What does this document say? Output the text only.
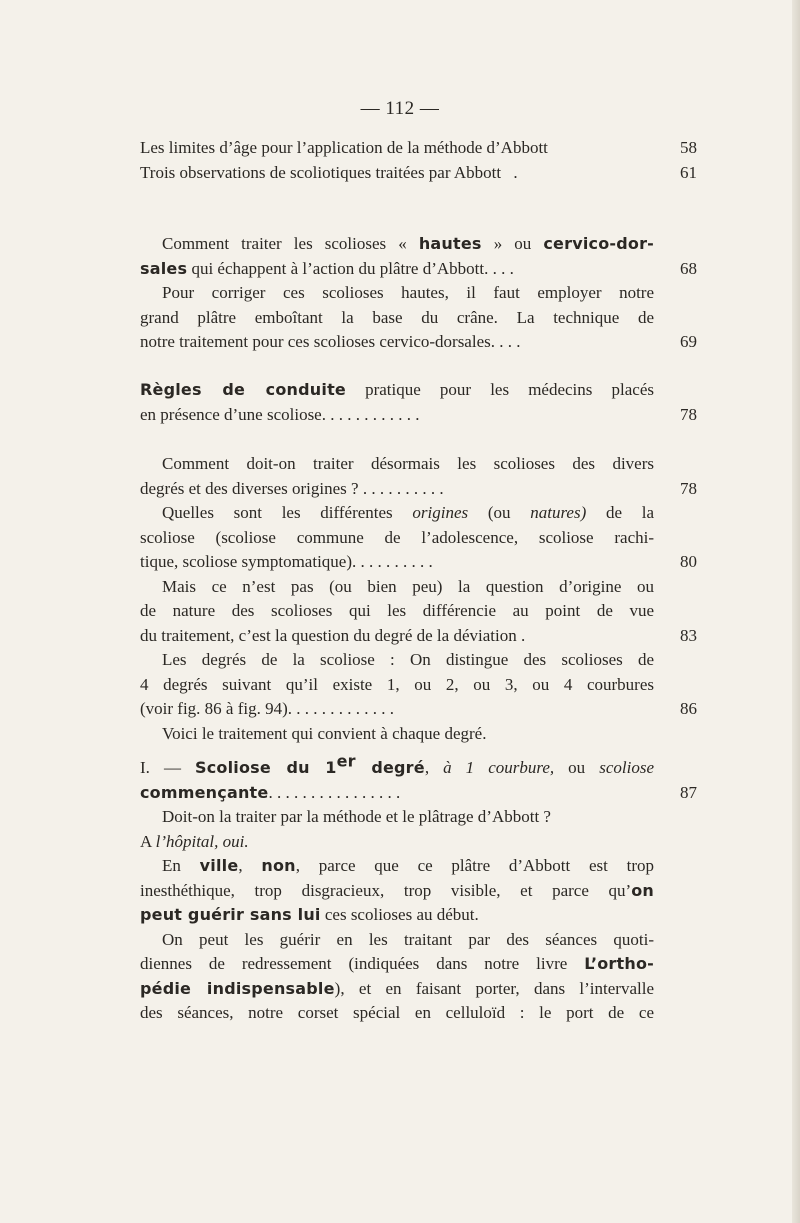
— 112 —
Les limites d’âge pour l’application de la méthode d’Abbott	58
Trois observations de scoliotiques traitées par Abbott .	61
Comment traiter les scolioses « hautes » ou cervico-dor-
sales qui échappent à l’action du plâtre d’Abbott. . . .	68
Pour corriger ces scolioses hautes, il faut employer notre
grand plâtre emboîtant la base du crâne. La technique de
notre traitement pour ces scolioses cervico-dorsales. . . .	69
Règles de conduite pratique pour les médecins placés
en présence d’une scoliose. . . . . . . . . . . .	78
Comment doit-on traiter désormais les scolioses des divers
degrés et des diverses origines ? . . . . . . . . . .	78
Quelles sont les différentes origines (ou natures) de la
scoliose (scoliose commune de l’adolescence, scoliose rachi-
tique, scoliose symptomatique). . . . . . . . . .	80
Mais ce n’est pas (ou bien peu) la question d’origine ou
de nature des scolioses qui les différencie au point de vue
du traitement, c’est la question du degré de la déviation .	83
Les degrés de la scoliose : On distingue des scolioses de
4 degrés suivant qu’il existe 1, ou 2, ou 3, ou 4 courbures
(voir fig. 86 à fig. 94). . . . . . . . . . . . .	86
Voici le traitement qui convient à chaque degré.
I. — Scoliose du 1er degré, à 1 courbure, ou scoliose
commençante. . . . . . . . . . . . . . . .	87
Doit-on la traiter par la méthode et le plâtrage d’Abbott ?
A l’hôpital, oui.
En ville, non, parce que ce plâtre d’Abbott est trop
inesthéthique, trop disgracieux, trop visible, et parce qu’on
peut guérir sans lui ces scolioses au début.
On peut les guérir en les traitant par des séances quoti-
diennes de redressement (indiquées dans notre livre L’ortho-
pédie indispensable), et en faisant porter, dans l’intervalle
des séances, notre corset spécial en celluloïd : le port de ce
